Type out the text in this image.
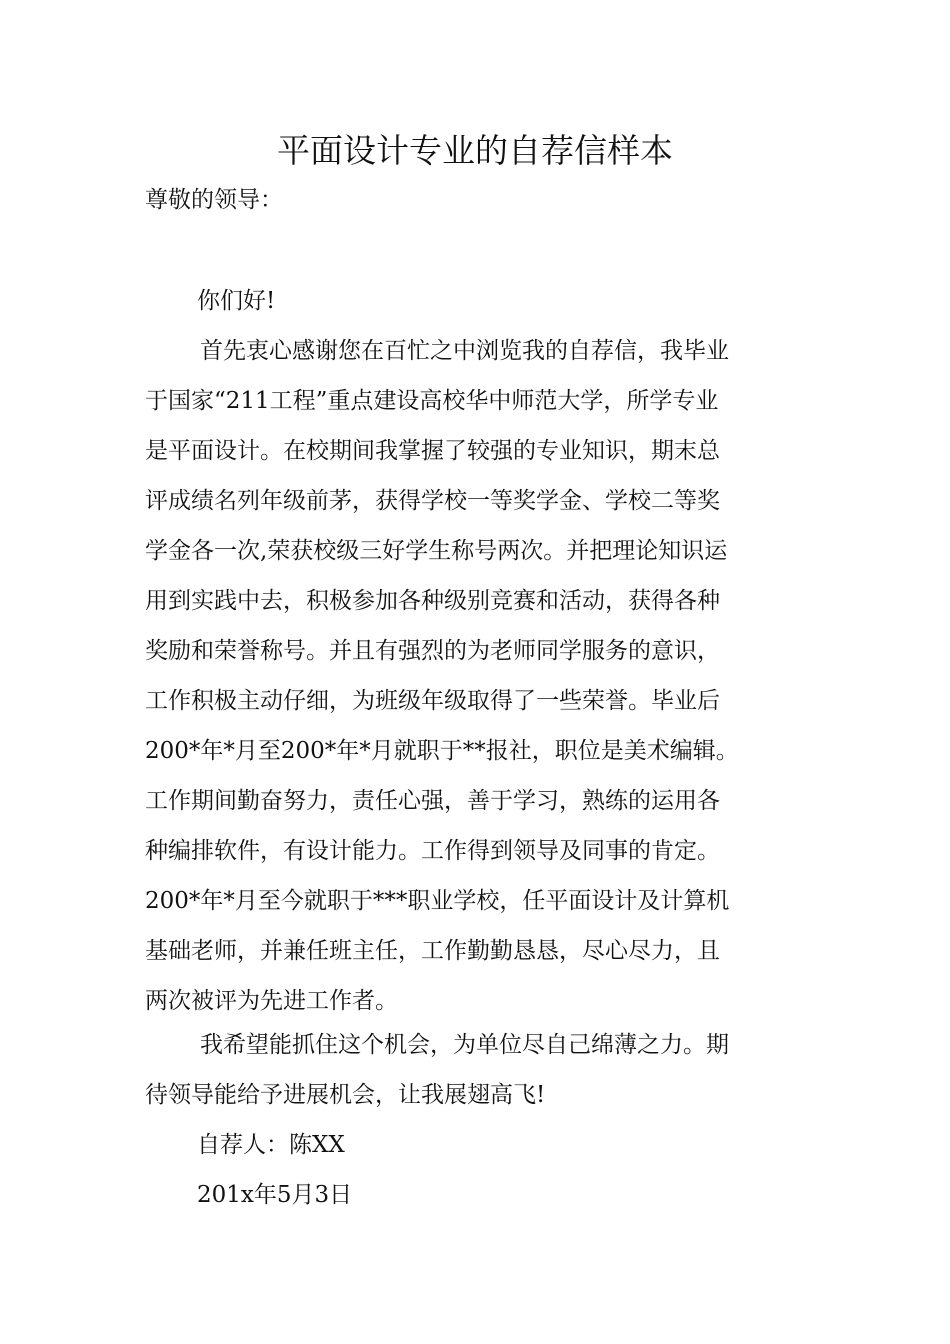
平面设计专业的自荐信样本

尊敬的领导：

你们好!

首先衷心感谢您在百忙之中浏览我的自荐信，我毕业
于国家“211工程”重点建设高校华中师范大学，所学专业
是平面设计。在校期间我掌握了较强的专业知识，期末总
评成绩名列年级前茅，获得学校一等奖学金、学校二等奖
学金各一次,荣获校级三好学生称号两次。并把理论知识运
用到实践中去，积极参加各种级别竞赛和活动，获得各种
奖励和荣誉称号。并且有强烈的为老师同学服务的意识，
工作积极主动仔细，为班级年级取得了一些荣誉。毕业后
200*年*月至200*年*月就职于**报社，职位是美术编辑。
工作期间勤奋努力，责任心强，善于学习，熟练的运用各
种编排软件，有设计能力。工作得到领导及同事的肯定。
200*年*月至今就职于***职业学校，任平面设计及计算机
基础老师，并兼任班主任，工作勤勤恳恳，尽心尽力，且
两次被评为先进工作者。
我希望能抓住这个机会，为单位尽自己绵薄之力。期
待领导能给予进展机会，让我展翅高飞!
自荐人：陈XX
201x年5月3日
